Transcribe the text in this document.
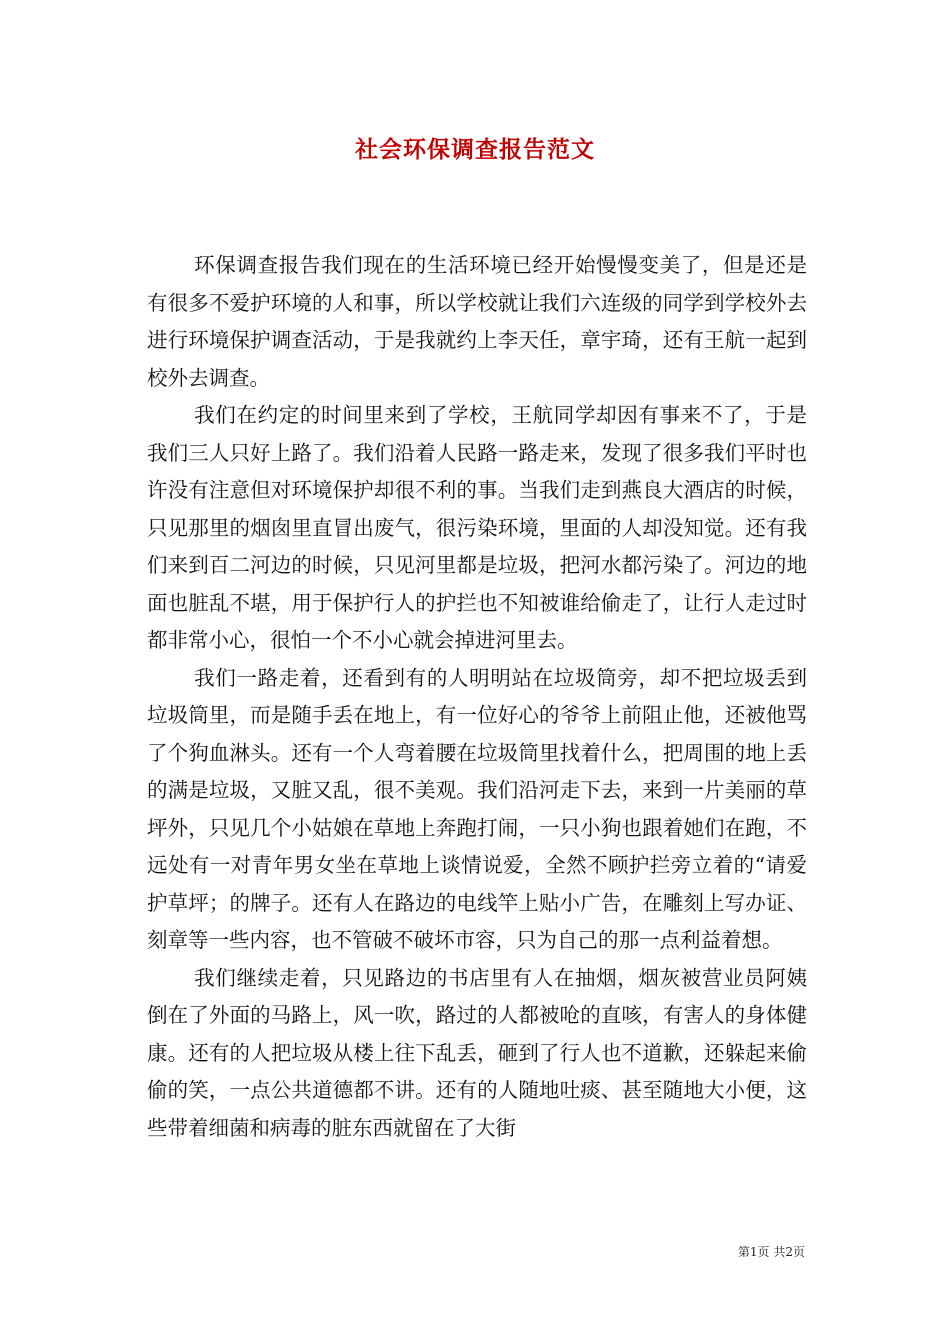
社会环保调查报告范文

环保调查报告我们现在的生活环境已经开始慢慢变美了，但是还是有很多不爱护环境的人和事，所以学校就让我们六连级的同学到学校外去进行环境保护调查活动，于是我就约上李天任，章宇琦，还有王航一起到校外去调查。

我们在约定的时间里来到了学校，王航同学却因有事来不了，于是我们三人只好上路了。我们沿着人民路一路走来，发现了很多我们平时也许没有注意但对环境保护却很不利的事。当我们走到燕良大酒店的时候，只见那里的烟囱里直冒出废气，很污染环境，里面的人却没知觉。还有我们来到百二河边的时候，只见河里都是垃圾，把河水都污染了。河边的地面也脏乱不堪，用于保护行人的护拦也不知被谁给偷走了，让行人走过时都非常小心，很怕一个不小心就会掉进河里去。

我们一路走着，还看到有的人明明站在垃圾筒旁，却不把垃圾丢到垃圾筒里，而是随手丢在地上，有一位好心的爷爷上前阻止他，还被他骂了个狗血淋头。还有一个人弯着腰在垃圾筒里找着什么，把周围的地上丢的满是垃圾，又脏又乱，很不美观。我们沿河走下去，来到一片美丽的草坪外，只见几个小姑娘在草地上奔跑打闹，一只小狗也跟着她们在跑，不远处有一对青年男女坐在草地上谈情说爱，全然不顾护拦旁立着的“请爱护草坪；的牌子。还有人在路边的电线竿上贴小广告，在雕刻上写办证、刻章等一些内容，也不管破不破坏市容，只为自己的那一点利益着想。

我们继续走着，只见路边的书店里有人在抽烟，烟灰被营业员阿姨倒在了外面的马路上，风一吹，路过的人都被呛的直咳，有害人的身体健康。还有的人把垃圾从楼上往下乱丢，砸到了行人也不道歉，还躲起来偷偷的笑，一点公共道德都不讲。还有的人随地吐痰、甚至随地大小便，这些带着细菌和病毒的脏东西就留在了大街

第1页 共2页
